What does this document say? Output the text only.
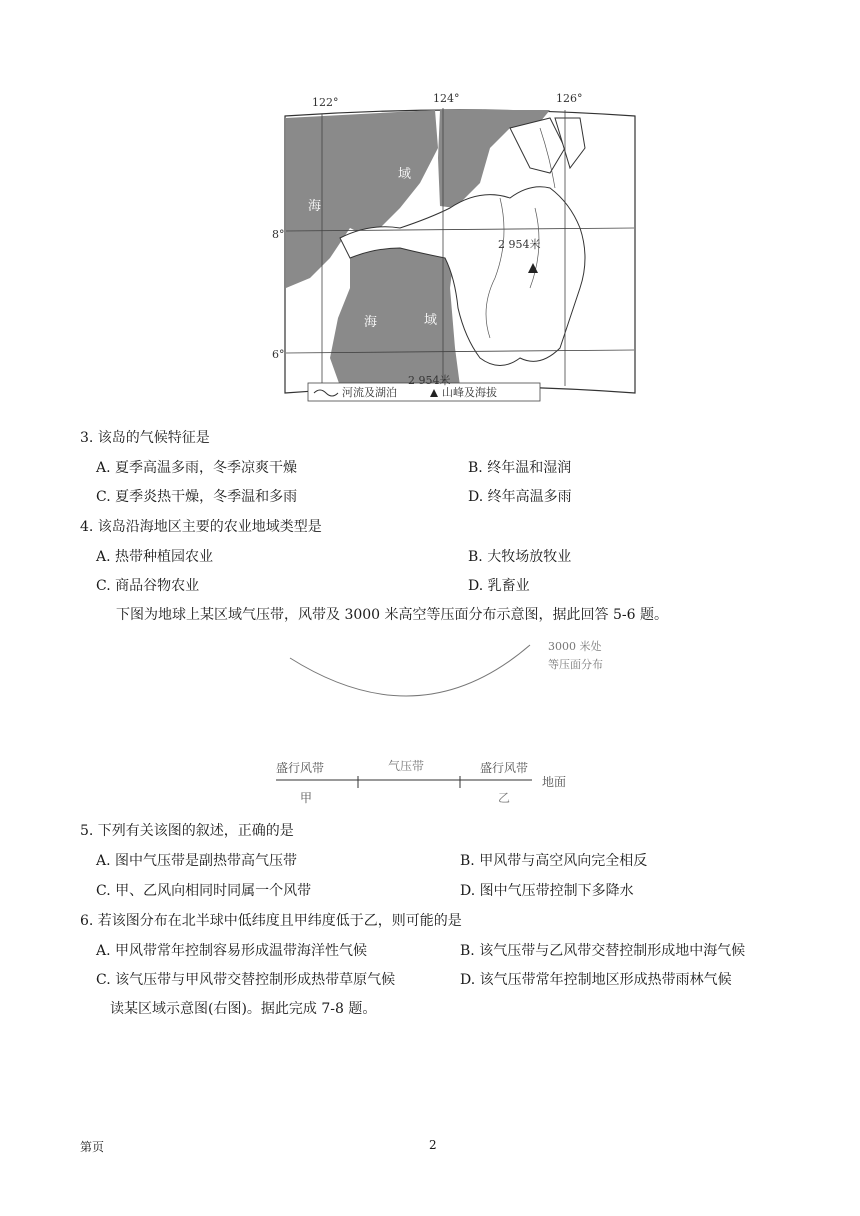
122°	124°	126°
8°
6°
域
海
海	域
2 954米
河流及湖泊
2 954米
山峰及海拔
3. 该岛的气候特征是
A. 夏季高温多雨，冬季凉爽干燥	B. 终年温和湿润
C. 夏季炎热干燥，冬季温和多雨	D. 终年高温多雨
4. 该岛沿海地区主要的农业地域类型是
A. 热带种植园农业	B. 大牧场放牧业
C. 商品谷物农业	D. 乳畜业
下图为地球上某区域气压带，风带及 3000 米高空等压面分布示意图，据此回答 5-6 题。
3000 米处
等压面分布
盛行风带	气压带	盛行风带
地面
甲	乙
5. 下列有关该图的叙述，正确的是
A. 图中气压带是副热带高气压带	B. 甲风带与高空风向完全相反
C. 甲、乙风向相同时同属一个风带	D. 图中气压带控制下多降水
6. 若该图分布在北半球中低纬度且甲纬度低于乙，则可能的是
A. 甲风带常年控制容易形成温带海洋性气候	B. 该气压带与乙风带交替控制形成地中海气候
C. 该气压带与甲风带交替控制形成热带草原气候	D. 该气压带常年控制地区形成热带雨林气候
读某区域示意图(右图)。据此完成 7-8 题。
第页	2
